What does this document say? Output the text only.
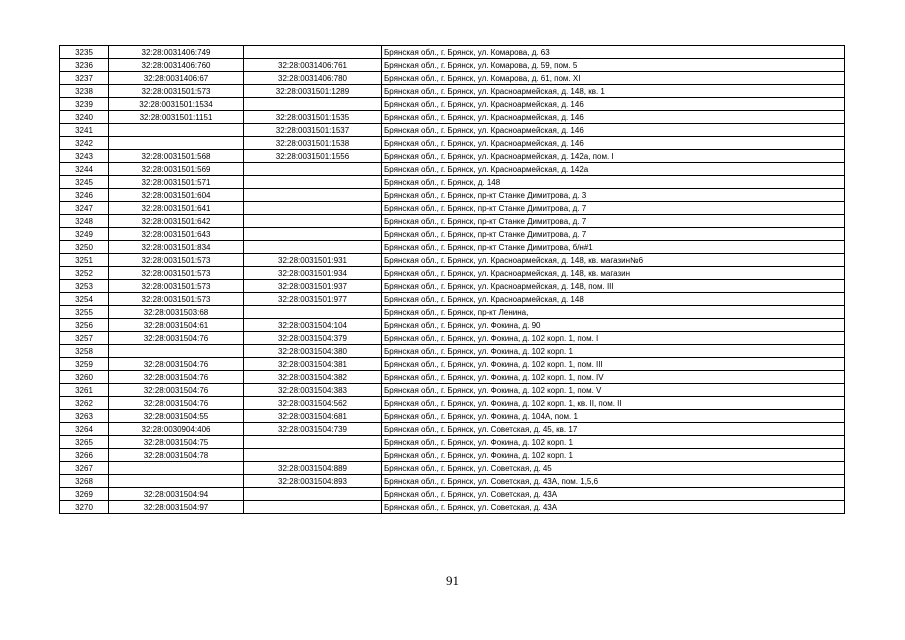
3235	32:28:0031406:749		Брянская обл., г. Брянск, ул. Комарова, д. 63
3236	32:28:0031406:760	32:28:0031406:761	Брянская обл., г. Брянск, ул. Комарова, д. 59, пом. 5
3237	32:28:0031406:67	32:28:0031406:780	Брянская обл., г. Брянск, ул. Комарова, д. 61, пом. XI
3238	32:28:0031501:573	32:28:0031501:1289	Брянская обл., г. Брянск, ул. Красноармейская, д. 148, кв. 1
3239	32:28:0031501:1534		Брянская обл., г. Брянск, ул. Красноармейская, д. 146
3240	32:28:0031501:1151	32:28:0031501:1535	Брянская обл., г. Брянск, ул. Красноармейская, д. 146
3241		32:28:0031501:1537	Брянская обл., г. Брянск, ул. Красноармейская, д. 146
3242		32:28:0031501:1538	Брянская обл., г. Брянск, ул. Красноармейская, д. 146
3243	32:28:0031501:568	32:28:0031501:1556	Брянская обл., г. Брянск, ул. Красноармейская, д. 142а, пом. I
3244	32:28:0031501:569		Брянская обл., г. Брянск, ул. Красноармейская, д. 142а
3245	32:28:0031501:571		Брянская обл., г. Брянск, д. 148
3246	32:28:0031501:604		Брянская обл., г. Брянск, пр-кт Станке Димитрова, д. 3
3247	32:28:0031501:641		Брянская обл., г. Брянск, пр-кт Станке Димитрова, д. 7
3248	32:28:0031501:642		Брянская обл., г. Брянск, пр-кт Станке Димитрова, д. 7
3249	32:28:0031501:643		Брянская обл., г. Брянск, пр-кт Станке Димитрова, д. 7
3250	32:28:0031501:834		Брянская обл., г. Брянск, пр-кт Станке Димитрова, б/н#1
3251	32:28:0031501:573	32:28:0031501:931	Брянская обл., г. Брянск, ул. Красноармейская, д. 148, кв. магазин№6
3252	32:28:0031501:573	32:28:0031501:934	Брянская обл., г. Брянск, ул. Красноармейская, д. 148, кв. магазин
3253	32:28:0031501:573	32:28:0031501:937	Брянская обл., г. Брянск, ул. Красноармейская, д. 148, пом. III
3254	32:28:0031501:573	32:28:0031501:977	Брянская обл., г. Брянск, ул. Красноармейская, д. 148
3255	32:28:0031503:68		Брянская обл., г. Брянск, пр-кт Ленина,
3256	32:28:0031504:61	32:28:0031504:104	Брянская обл., г. Брянск, ул. Фокина, д. 90
3257	32:28:0031504:76	32:28:0031504:379	Брянская обл., г. Брянск, ул. Фокина, д. 102 корп. 1, пом. I
3258		32:28:0031504:380	Брянская обл., г. Брянск, ул. Фокина, д. 102 корп. 1
3259	32:28:0031504:76	32:28:0031504:381	Брянская обл., г. Брянск, ул. Фокина, д. 102 корп. 1, пом. III
3260	32:28:0031504:76	32:28:0031504:382	Брянская обл., г. Брянск, ул. Фокина, д. 102 корп. 1, пом. IV
3261	32:28:0031504:76	32:28:0031504:383	Брянская обл., г. Брянск, ул. Фокина, д. 102 корп. 1, пом. V
3262	32:28:0031504:76	32:28:0031504:562	Брянская обл., г. Брянск, ул. Фокина, д. 102 корп. 1, кв. II, пом. II
3263	32:28:0031504:55	32:28:0031504:681	Брянская обл., г. Брянск, ул. Фокина, д. 104А, пом. 1
3264	32:28:0030904:406	32:28:0031504:739	Брянская обл., г. Брянск, ул. Советская, д. 45, кв. 17
3265	32:28:0031504:75		Брянская обл., г. Брянск, ул. Фокина, д. 102 корп. 1
3266	32:28:0031504:78		Брянская обл., г. Брянск, ул. Фокина, д. 102 корп. 1
3267		32:28:0031504:889	Брянская обл., г. Брянск, ул. Советская, д. 45
3268		32:28:0031504:893	Брянская обл., г. Брянск, ул. Советская, д. 43А, пом. 1,5,6
3269	32:28:0031504:94		Брянская обл., г. Брянск, ул. Советская, д. 43А
3270	32:28:0031504:97		Брянская обл., г. Брянск, ул. Советская, д. 43А
91
